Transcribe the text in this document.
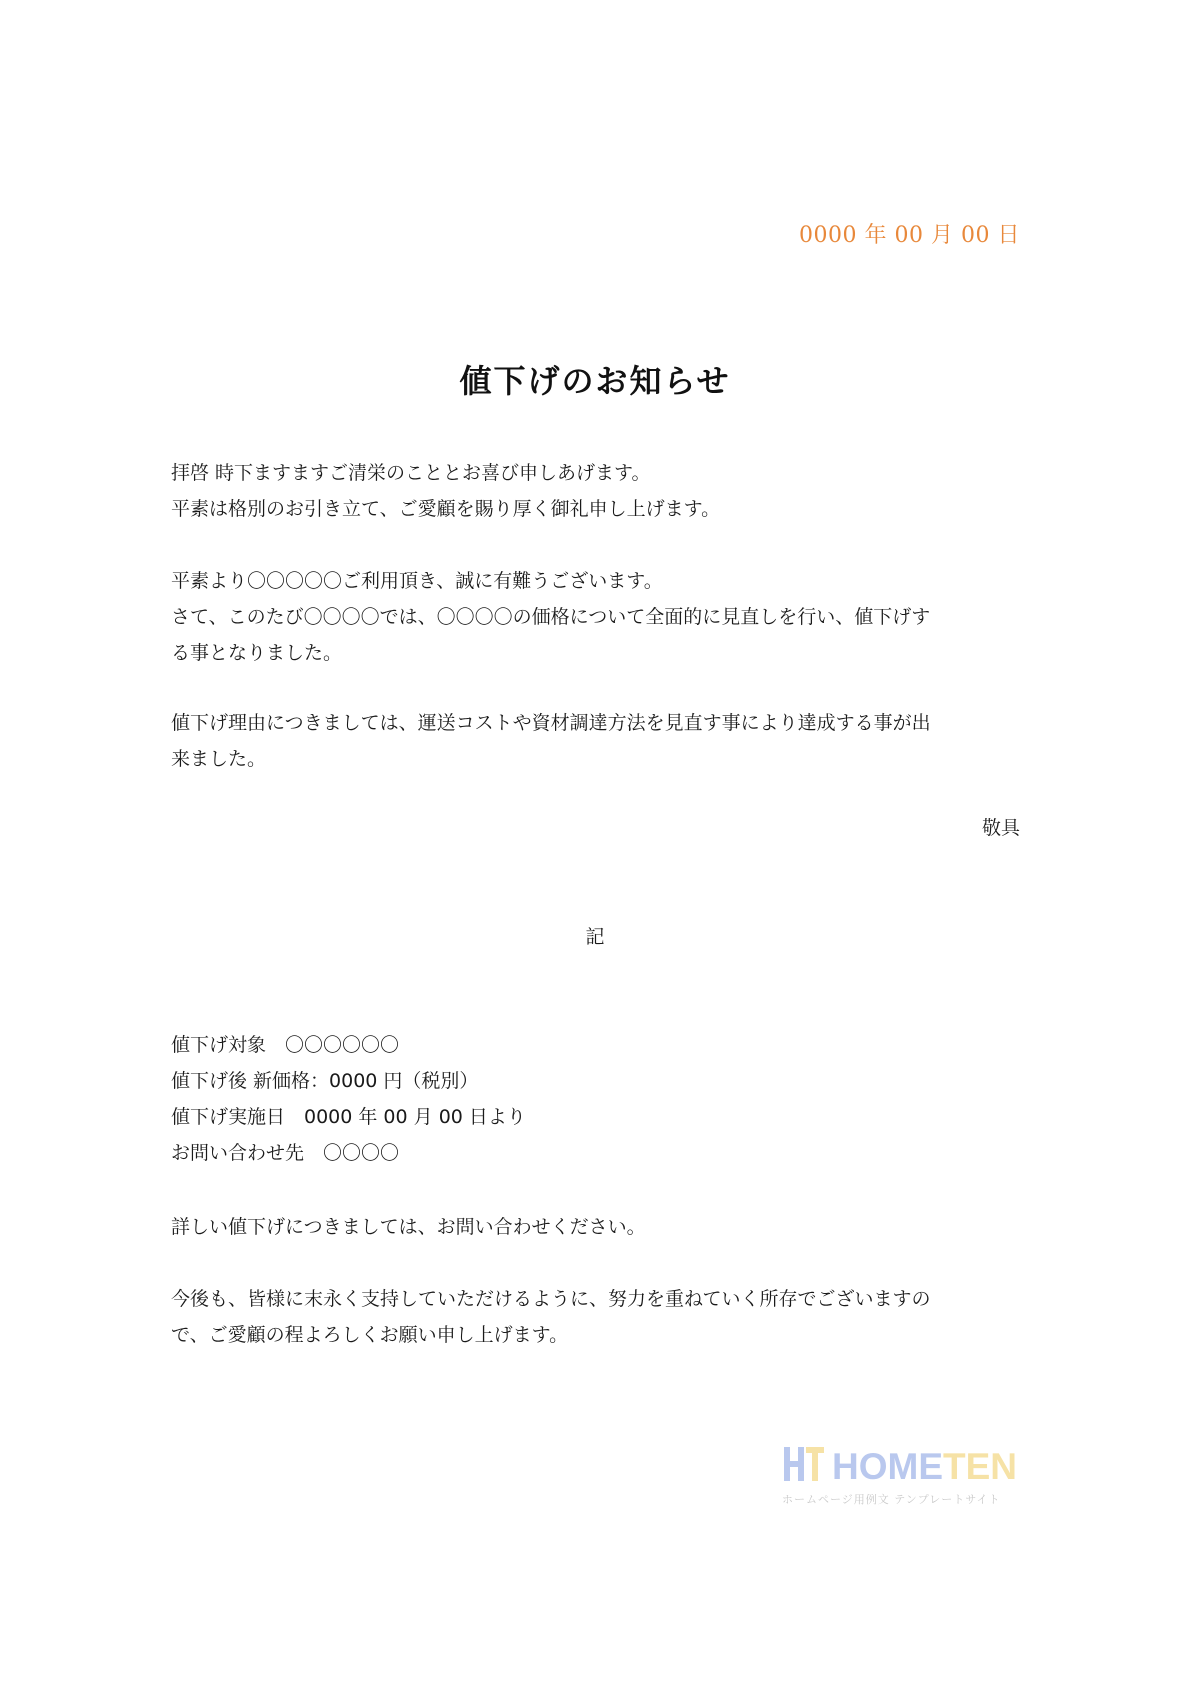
0000 年 00 月 00 日
値下げのお知らせ
拝啓 時下ますますご清栄のこととお喜び申しあげます。
平素は格別のお引き立て、ご愛顧を賜り厚く御礼申し上げます。
平素より〇〇〇〇〇ご利用頂き、誠に有難うございます。
さて、このたび〇〇〇〇では、〇〇〇〇の価格について全面的に見直しを行い、値下げす
る事となりました。
値下げ理由につきましては、運送コストや資材調達方法を見直す事により達成する事が出
来ました。
敬具
記
値下げ対象　〇〇〇〇〇〇
値下げ後 新価格：0000 円（税別）
値下げ実施日　0000 年 00 月 00 日より
お問い合わせ先　〇〇〇〇
詳しい値下げにつきましては、お問い合わせください。
今後も、皆様に末永く支持していただけるように、努力を重ねていく所存でございますの
で、ご愛顧の程よろしくお願い申し上げます。
HOMETEN
ホームページ用例文 テンプレートサイト
